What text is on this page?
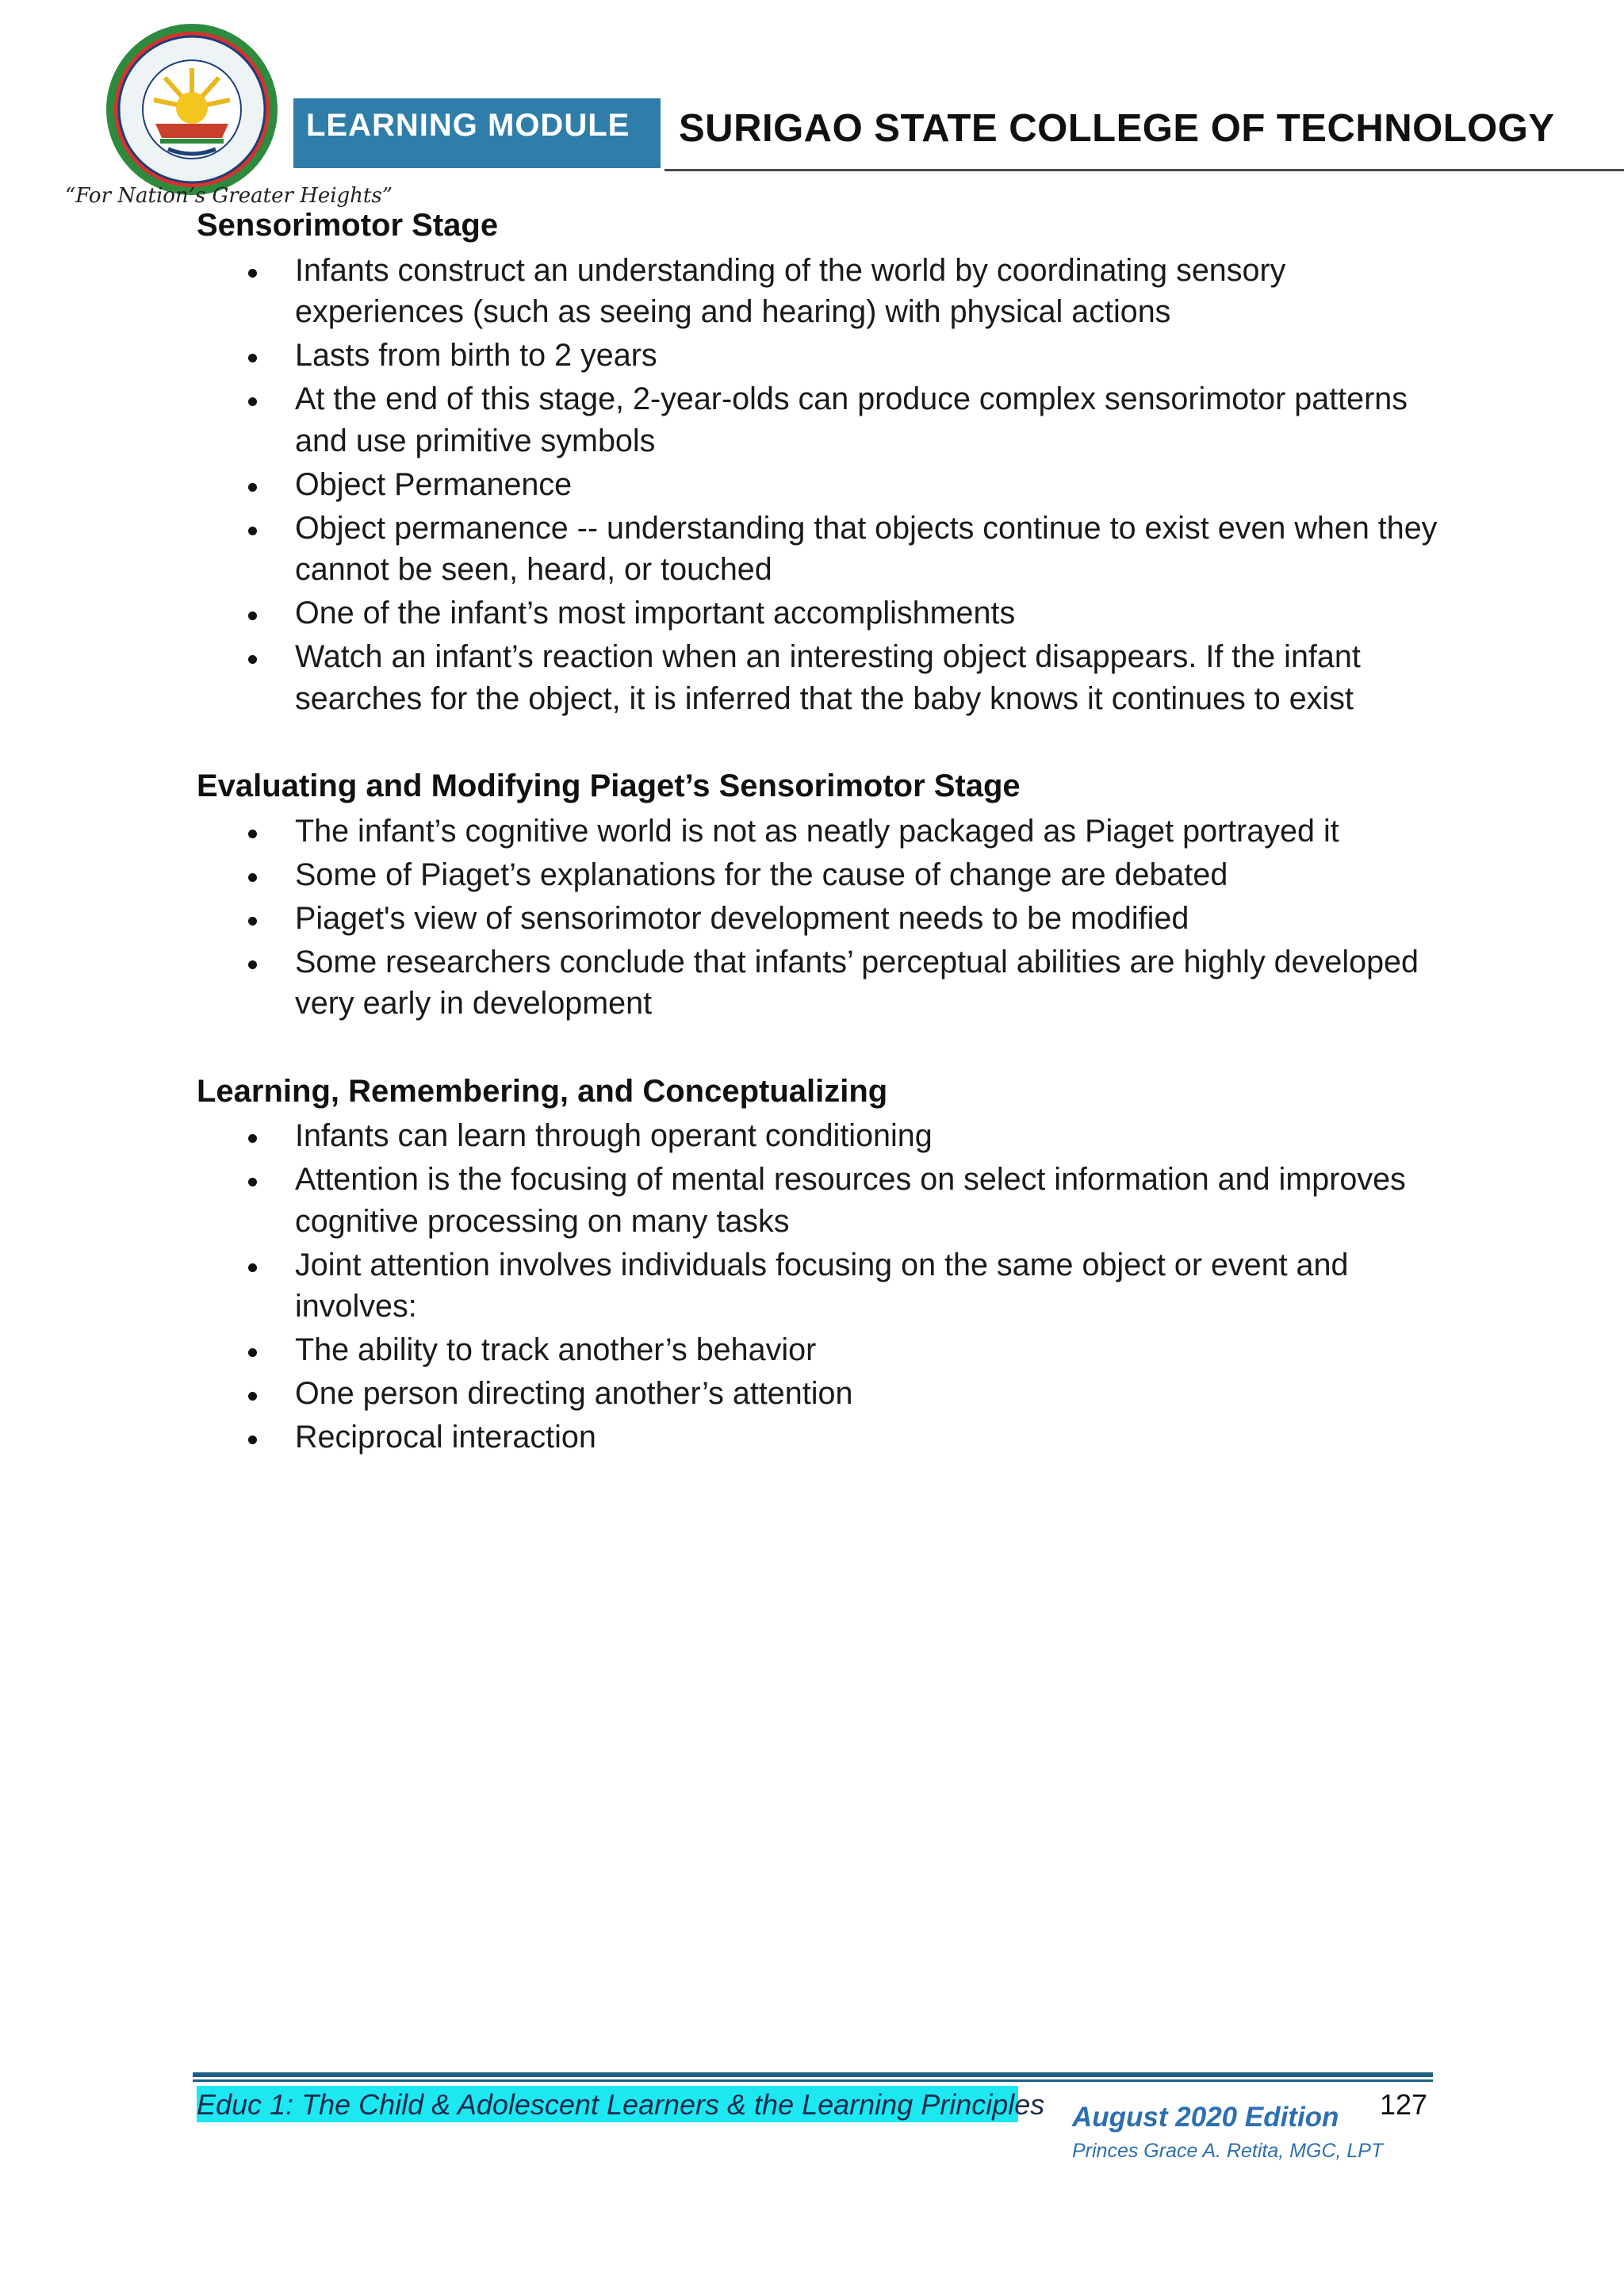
“For Nation’s Greater Heights”
LEARNING MODULE	SURIGAO STATE COLLEGE OF TECHNOLOGY
Sensorimotor Stage
Infants construct an understanding of the world by coordinating sensory experiences (such as seeing and hearing) with physical actions
Lasts from birth to 2 years
At the end of this stage, 2-year-olds can produce complex sensorimotor patterns and use primitive symbols
Object Permanence
Object permanence -- understanding that objects continue to exist even when they cannot be seen, heard, or touched
One of the infant’s most important accomplishments
Watch an infant’s reaction when an interesting object disappears. If the infant searches for the object, it is inferred that the baby knows it continues to exist
Evaluating and Modifying Piaget’s Sensorimotor Stage
The infant’s cognitive world is not as neatly packaged as Piaget portrayed it
Some of Piaget’s explanations for the cause of change are debated
Piaget's view of sensorimotor development needs to be modified
Some researchers conclude that infants’ perceptual abilities are highly developed very early in development
Learning, Remembering, and Conceptualizing
Infants can learn through operant conditioning
Attention is the focusing of mental resources on select information and improves cognitive processing on many tasks
Joint attention involves individuals focusing on the same object or event and involves:
The ability to track another’s behavior
One person directing another’s attention
Reciprocal interaction
Educ 1: The Child & Adolescent Learners & the Learning Principles August 2020 Edition 127
Princes Grace A. Retita, MGC, LPT
